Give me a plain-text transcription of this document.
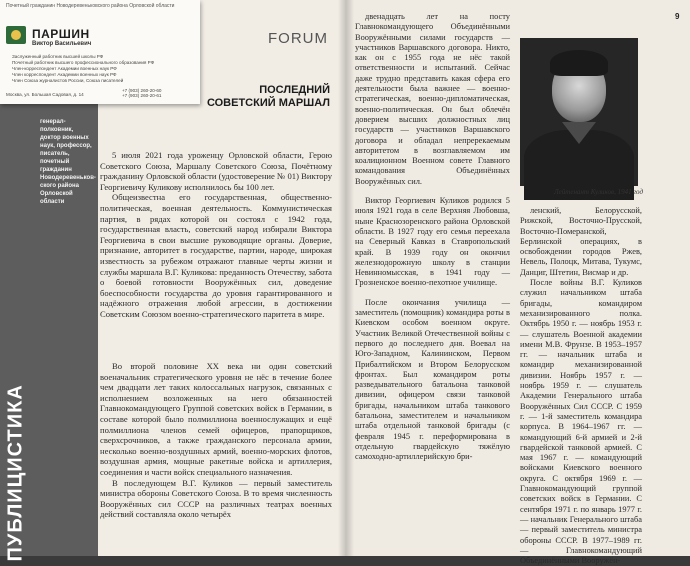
генерал-полковник,
доктор военных
наук, профессор,
писатель,
почетный
гражданин
Новодеревеньков-
ского района
Орловской области
ПУБЛИЦИСТИКА
FORUM
ПОСЛЕДНИЙ
СОВЕТСКИЙ МАРШАЛ

5 июля 2021 года уроженцу Орловской области, Герою Советского Союза, Маршалу Советского Союза, Почётному гражданину Орловской области (удостоверение № 01) Виктору Георгиевичу Куликову исполнилось бы 100 лет.

Общеизвестна его государственная, общественно-политическая, военная деятельность. Коммунистическая партия, в рядах которой он состоял с 1942 года, государственная власть, советский народ избирали Виктора Георгиевича в свои высшие руководящие органы. Доверие, признание, авторитет в государстве, партии, народе, широкая известность за рубежом отражают главные черты жизни и службы маршала В.Г. Куликова: преданность Отечеству, забота о боевой готовности Вооружённых сил, доведение боеспособности государства до уровня гарантированного и надёжного отражения любой агрессии, в достижении Советским Союзом военно-стратегического паритета в мире.

Во второй половине XX века ни один советский военачальник стратегического уровня не нёс в течение более чем двадцати лет таких колоссальных нагрузок, связанных с исполнением возложенных на него обязанностей Главнокомандующего Группой советских войск в Германии, в составе которой было полмиллиона военнослужащих и ещё полмиллиона членов семей офицеров, прапорщиков, сверхсрочников, а также гражданского персонала армии, несколько военно-воздушных армий, военно-морских флотов, воздушная армия, мощные ракетные войска и артиллерия, соединения и части войск специального назначения.

В последующем В.Г. Куликов — первый заместитель министра обороны Советского Союза. В то время численность Вооружённых сил СССР на различных театрах военных действий составляла около четырёх

9

двенадцать лет на посту Главнокомандующего Объединёнными Вооружёнными силами государств — участников Варшавского договора. Никто, как он с 1955 года не нёс такой ответственности и испытаний. Сейчас даже трудно представить какая сфера его деятельности была важнее — военно-стратегическая, военно-дипломатическая, военно-политическая. Он был облечён доверием высших должностных лиц государств — участников Варшавского договора и обладал непререкаемым авторитетом в возглавляемом им коалиционном Военном совете Главного командования Объединённых Вооружённых сил.

Виктор Георгиевич Куликов родился 5 июля 1921 года в селе Верхняя Любовша, ныне Краснозоренского района Орловской области. В 1927 году его семья переехала на Северный Кавказ в Ставропольский край. В 1939 году он окончил железнодорожную школу в станции Невинномысская, в 1941 году — Грозненское военно-пехотное училище.

После окончания училища — заместитель (помощник) командира роты в Киевском особом военном округе. Участник Великой Отечественной войны с первого до последнего дня. Воевал на Юго-Западном, Калининском, Первом Прибалтийском и Втором Белорусском фронтах. Был командиром роты разведывательного батальона танковой дивизии, офицером связи танковой бригады, начальником штаба танкового батальона, заместителем и начальником штаба отдельной танковой бригады (с февраля 1945 г. переформирована в отдельную гвардейскую тяжёлую самоходно-артиллерийскую бри-

Лейтенант Куликов, 1941 год

ленский, Белорусской, Рижской, Восточно-Прусской, Восточно-Померанской, Берлинской операциях, в освобождении городов Ржев, Невель, Полоцк, Митава, Тукумс, Данциг, Штетин, Висмар и др.

После войны В.Г. Куликов служил начальником штаба бригады, командиром механизированного полка. Октябрь 1950 г. — ноябрь 1953 г. — слушатель Военной академии имени М.В. Фрунзе. В 1953–1957 гг. — начальник штаба и командир механизированной дивизии. Ноябрь 1957 г. — ноябрь 1959 г. — слушатель Академии Генерального штаба Вооружённых Сил СССР. С 1959 г. — 1-й заместитель командира корпуса. В 1964–1967 гг. — командующий 6-й армией и 2-й гвардейской танковой армией. С мая 1967 г. — командующий войсками Киевского военного округа. С октября 1969 г. — Главнокомандующий группой советских войск в Германии. С сентября 1971 г. по январь 1977 г. — начальник Генерального штаба — первый заместитель министра обороны СССР. В 1977–1989 гг. — Главнокомандующий Объединёнными Вооружён-

Почетный гражданин Новодеревеньковского района Орловской области
ПАРШИН
Виктор Васильевич
Заслуженный работник высшей школы РФ
Почетный работник высшего профессионального образования РФ
Член-корреспондент Академии военных наук РФ
Член корреспондент Академии военных наук РФ
Член Союза журналистов России, Союза писателей
+7 (903) 260-20-60
+7 (903) 260-20-61
Москва, ул. Большая Садовая, д. 14
